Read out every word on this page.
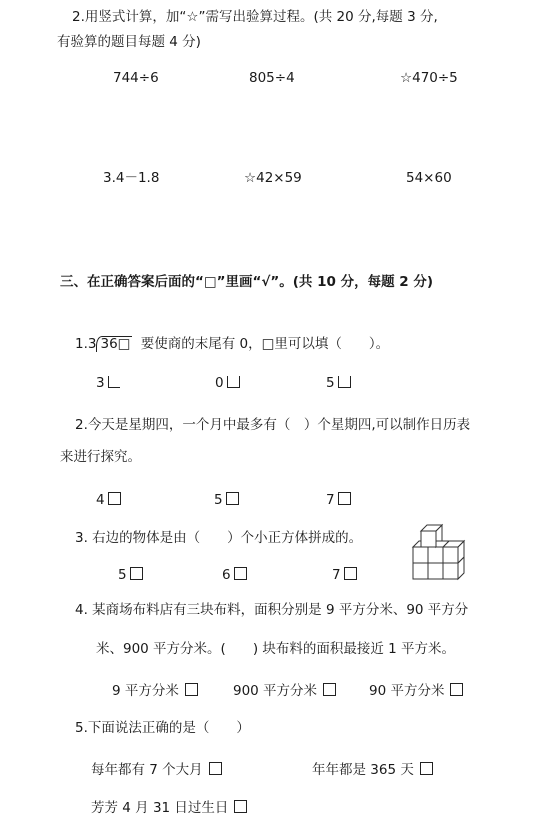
2.用竖式计算，加“☆”需写出验算过程。(共 20 分,每题 3 分,
有验算的题目每题 4 分)
744÷6	805÷4	☆470÷5
3.4－1.8	☆42×59	54×60
三、在正确答案后面的“□”里画“√”。(共 10 分，每题 2 分)
1.3 36□ 要使商的末尾有 0，□里可以填（　　）。
3	0	5
2.今天是星期四，一个月中最多有（　）个星期四,可以制作日历表
来进行探究。
4	5	7
3. 右边的物体是由（　　）个小正方体拼成的。
5	6	7
4. 某商场布料店有三块布料，面积分别是 9 平方分米、90 平方分
米、900 平方分米。(　　) 块布料的面积最接近 1 平方米。
9 平方分米	900 平方分米	90 平方分米
5.下面说法正确的是（　　）
每年都有 7 个大月	年年都是 365 天
芳芳 4 月 31 日过生日
